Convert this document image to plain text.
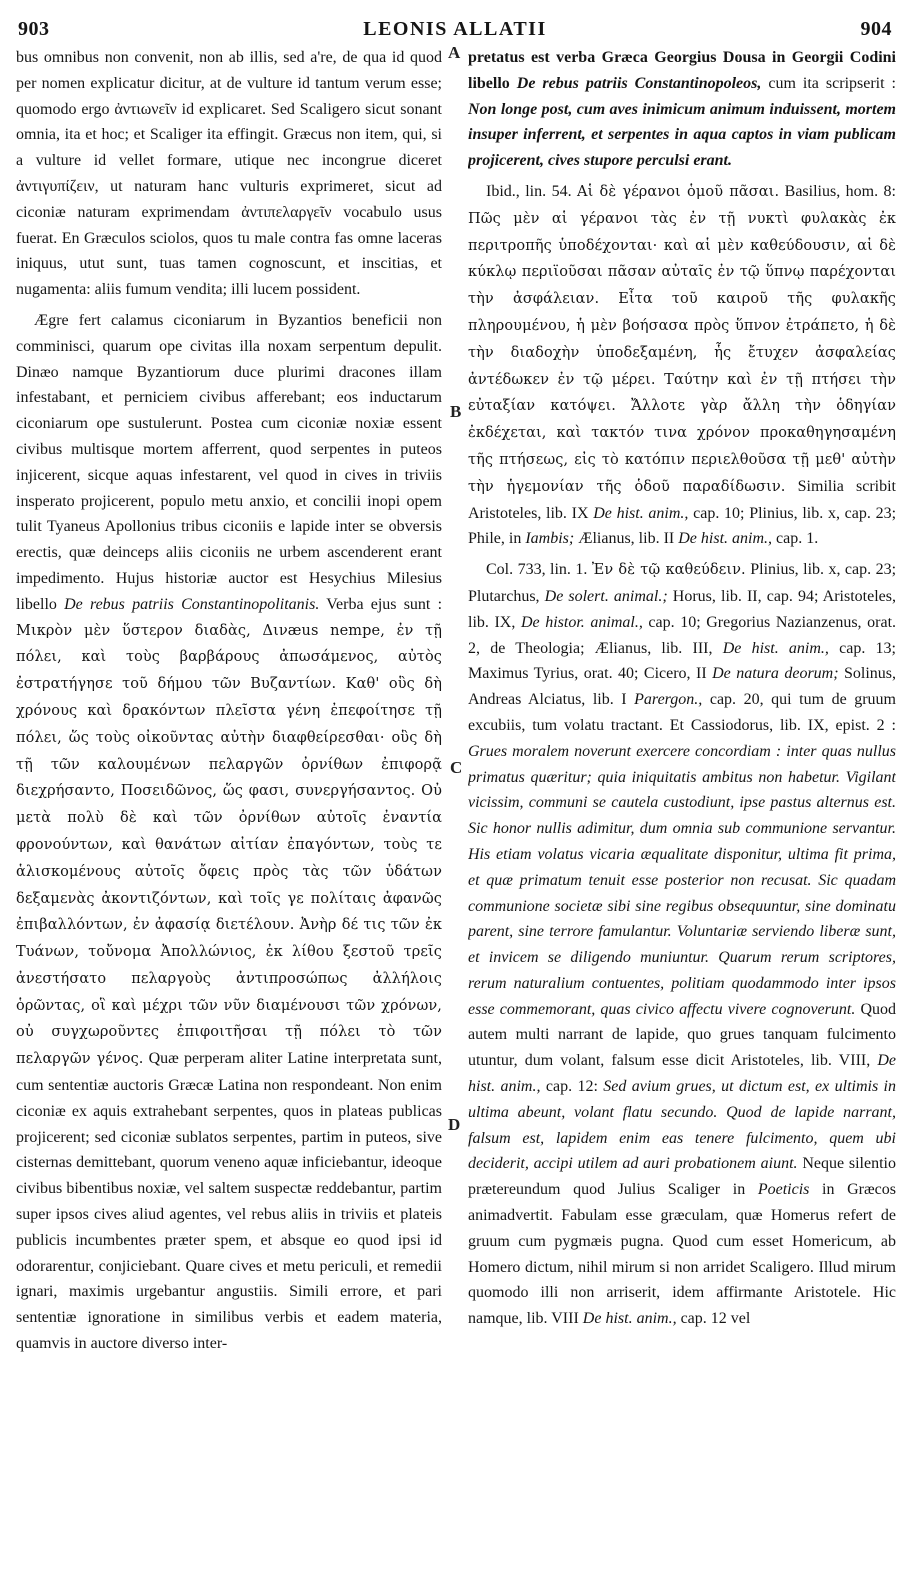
903	LEONIS ALLATII	904
A
B
C
D

bus omnibus non convenit, non ab illis, sed a're, de qua id quod per nomen explicatur dicitur, at de vulture id tantum verum esse; quomodo ergo ἀντιωνεῖν id explicaret. Sed Scaligero sicut sonant omnia, ita et hoc; et Scaliger ita effingit. Græcus non item, qui, si a vulture id vellet formare, utique nec incongrue diceret ἀντιγυπίζειν, ut naturam hanc vulturis exprimeret, sicut ad ciconiæ naturam exprimendam ἀντιπελαργεῖν vocabulo usus fuerat. En Græculos sciolos, quos tu male contra fas omne laceras iniquus, utut sunt, tuas tamen cognoscunt, et inscitias, et nugamenta: aliis fumum vendita; illi lucem possident.

Ægre fert calamus ciconiarum in Byzantios beneficii non comminisci, quarum ope civitas illa noxam serpentum depulit. Dinæo namque Byzantiorum duce plurimi dracones illam infestabant, et perniciem civibus afferebant; eos inductarum ciconiarum ope sustulerunt. Postea cum ciconiæ noxiæ essent civibus multisque mortem afferrent, quod serpentes in puteos injicerent, sicque aquas infestarent, vel quod in cives in triviis insperato projicerent, populo metu anxio, et concilii inopi opem tulit Tyaneus Apollonius tribus ciconiis e lapide inter se obversis erectis, quæ deinceps aliis ciconiis ne urbem ascenderent erant impedimento. Hujus historiæ auctor est Hesychius Milesius libello De rebus patriis Constantinopolitanis. Verba ejus sunt : Μικρὸν μὲν ὕστερον διαδὰς, Δινæus nempe, ἐν τῇ πόλει, καὶ τοὺς βαρβάρους ἀπωσάμενος, αὐτὸς ἐστρατήγησε τοῦ δήμου τῶν Βυζαντίων. Καθ' οὓς δὴ χρόνους καὶ δρακόντων πλεῖστα γένη ἐπεφοίτησε τῇ πόλει, ὥς τοὺς οἰκοῦντας αὐτὴν διαφθείρεσθαι· οὓς δὴ τῇ τῶν καλουμένων πελαργῶν ὀρνίθων ἐπιφορᾷ διεχρήσαντο, Ποσειδῶνος, ὥς φασι, συνεργήσαντος. Οὐ μετὰ πολὺ δὲ καὶ τῶν ὀρνίθων αὐτοῖς ἐναντία φρονούντων, καὶ θανάτων αἰτίαν ἐπαγόντων, τοὺς τε ἁλισκομένους αὐτοῖς ὄφεις πρὸς τὰς τῶν ὑδάτων δεξαμενὰς ἀκοντιζόντων, καὶ τοῖς γε πολίταις ἀφανῶς ἐπιβαλλόντων, ἐν ἀφασίᾳ διετέλουν. Ἀνὴρ δέ τις τῶν ἐκ Τυάνων, τοὔνομα Ἀπολλώνιος, ἐκ λίθου ξεστοῦ τρεῖς ἀνεστήσατο πελαργοὺς ἀντιπροσώπως ἀλλήλοις ὁρῶντας, οἳ καὶ μέχρι τῶν νῦν διαμένουσι τῶν χρόνων, οὐ συγχωροῦντες ἐπιφοιτῆσαι τῇ πόλει τὸ τῶν πελαργῶν γένος. Quæ perperam aliter Latine interpretata sunt, cum sententiæ auctoris Græcæ Latina non respondeant. Non enim ciconiæ ex aquis extrahebant serpentes, quos in plateas publicas projicerent; sed ciconiæ sublatos serpentes, partim in puteos, sive cisternas demittebant, quorum veneno aquæ inficiebantur, ideoque civibus bibentibus noxiæ, vel saltem suspectæ reddebantur, partim super ipsos cives aliud agentes, vel rebus aliis in triviis et plateis publicis incumbentes præter spem, et absque eo quod ipsi id odorarentur, conjiciebant. Quare cives et metu periculi, et remedii ignari, maximis urgebantur angustiis. Simili errore, et pari sententiæ ignoratione in similibus verbis et eadem materia, quamvis in auctore diverso inter-

pretatus est verba Græca Georgius Dousa in Georgii Codini libello De rebus patriis Constantinopoleos, cum ita scripserit : Non longe post, cum aves inimicum animum induissent, mortem insuper inferrent, et serpentes in aqua captos in viam publicam projicerent, cives stupore perculsi erant.

Ibid., lin. 54. Αἱ δὲ γέρανοι ὁμοῦ πᾶσαι. Basilius, hom. 8: Πῶς μὲν αἱ γέρανοι τὰς ἐν τῇ νυκτὶ φυλακὰς ἐκ περιτροπῆς ὑποδέχονται· καὶ αἱ μὲν καθεύδουσιν, αἱ δὲ κύκλῳ περιϊοῦσαι πᾶσαν αὐταῖς ἐν τῷ ὕπνῳ παρέχονται τὴν ἀσφάλειαν. Εἶτα τοῦ καιροῦ τῆς φυλακῆς πληρουμένου, ἡ μὲν βοήσασα πρὸς ὕπνον ἐτράπετο, ἡ δὲ τὴν διαδοχὴν ὑποδεξαμένη, ἧς ἔτυχεν ἀσφαλείας ἀντέδωκεν ἐν τῷ μέρει. Ταύτην καὶ ἐν τῇ πτήσει τὴν εὐταξίαν κατόψει. Ἄλλοτε γὰρ ἄλλη τὴν ὁδηγίαν ἐκδέχεται, καὶ τακτόν τινα χρόνον προκαθηγησαμένη τῆς πτήσεως, εἰς τὸ κατόπιν περιελθοῦσα τῇ μεθ' αὐτὴν τὴν ἡγεμονίαν τῆς ὁδοῦ παραδίδωσιν. Similia scribit Aristoteles, lib. IX De hist. anim., cap. 10; Plinius, lib. x, cap. 23; Phile, in Iambis; Ælianus, lib. II De hist. anim., cap. 1.

Col. 733, lin. 1. Ἐν δὲ τῷ καθεύδειν. Plinius, lib. x, cap. 23; Plutarchus, De solert. animal.; Horus, lib. II, cap. 94; Aristoteles, lib. IX, De histor. animal., cap. 10; Gregorius Nazianzenus, orat. 2, de Theologia; Ælianus, lib. III, De hist. anim., cap. 13; Maximus Tyrius, orat. 40; Cicero, II De natura deorum; Solinus, Andreas Alciatus, lib. I Parergon., cap. 20, qui tum de gruum excubiis, tum volatu tractant. Et Cassiodorus, lib. IX, epist. 2 : Grues moralem noverunt exercere concordiam : inter quas nullus primatus quæritur; quia iniquitatis ambitus non habetur. Vigilant vicissim, communi se cautela custodiunt, ipse pastus alternus est. Sic honor nullis adimitur, dum omnia sub communione servantur. His etiam volatus vicaria æqualitate disponitur, ultima fit prima, et quæ primatum tenuit esse posterior non recusat. Sic quadam communione societæ sibi sine regibus obsequuntur, sine dominatu parent, sine terrore famulantur. Voluntariæ serviendo liberæ sunt, et invicem se diligendo muniuntur. Quarum rerum scriptores, rerum naturalium contuentes, politiam quodammodo inter ipsos esse commemorant, quas civico affectu vivere cognoverunt. Quod autem multi narrant de lapide, quo grues tanquam fulcimento utuntur, dum volant, falsum esse dicit Aristoteles, lib. VIII, De hist. anim., cap. 12: Sed avium grues, ut dictum est, ex ultimis in ultima abeunt, volant flatu secundo. Quod de lapide narrant, falsum est, lapidem enim eas tenere fulcimento, quem ubi deciderit, accipi utilem ad auri probationem aiunt. Neque silentio prætereundum quod Julius Scaliger in Poeticis in Græcos animadvertit. Fabulam esse græculam, quæ Homerus refert de gruum cum pygmæis pugna. Quod cum esset Homericum, ab Homero dictum, nihil mirum si non arridet Scaligero. Illud mirum quomodo illi non arriserit, idem affirmante Aristotele. Hic namque, lib. VIII De hist. anim., cap. 12 vel
